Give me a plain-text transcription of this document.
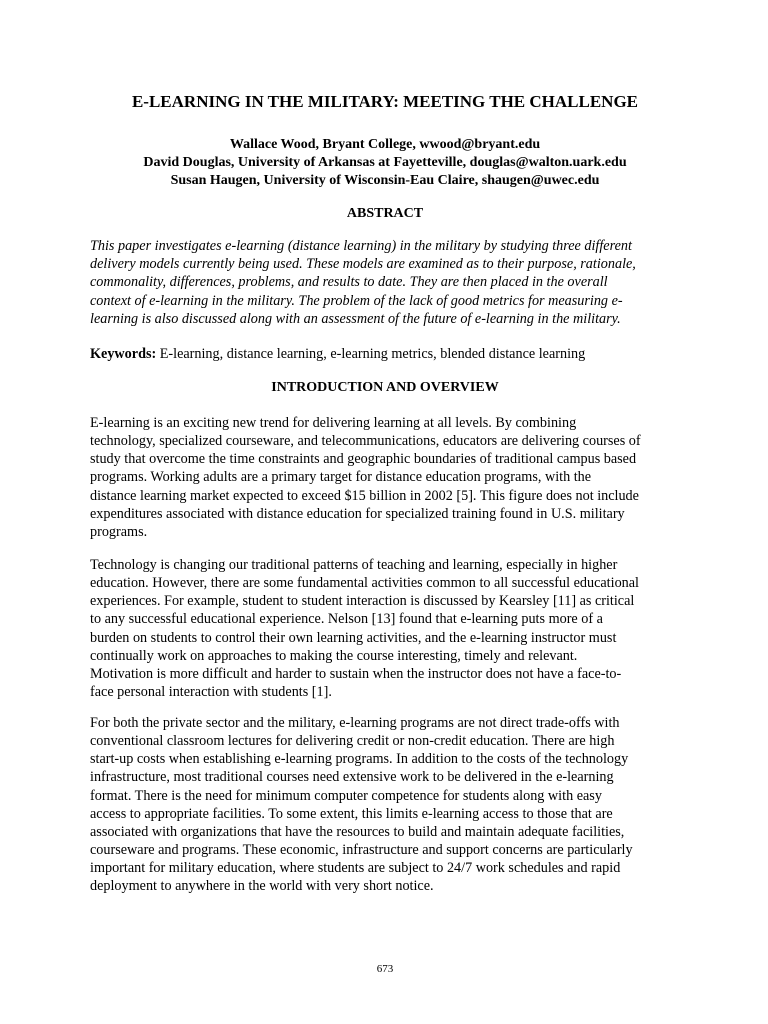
E-LEARNING IN THE MILITARY: MEETING THE CHALLENGE
Wallace Wood, Bryant College, wwood@bryant.edu
David Douglas, University of Arkansas at Fayetteville, douglas@walton.uark.edu
Susan Haugen, University of Wisconsin-Eau Claire, shaugen@uwec.edu
ABSTRACT

This paper investigates e-learning (distance learning) in the military by studying three different
delivery models currently being used. These models are examined as to their purpose, rationale,
commonality, differences, problems, and results to date. They are then placed in the overall
context of e-learning in the military. The problem of the lack of good metrics for measuring e-
learning is also discussed along with an assessment of the future of e-learning in the military.

Keywords: E-learning, distance learning, e-learning metrics, blended distance learning

INTRODUCTION AND OVERVIEW

E-learning is an exciting new trend for delivering learning at all levels. By combining
technology, specialized courseware, and telecommunications, educators are delivering courses of
study that overcome the time constraints and geographic boundaries of traditional campus based
programs. Working adults are a primary target for distance education programs, with the
distance learning market expected to exceed $15 billion in 2002 [5]. This figure does not include
expenditures associated with distance education for specialized training found in U.S. military
programs.

Technology is changing our traditional patterns of teaching and learning, especially in higher
education. However, there are some fundamental activities common to all successful educational
experiences. For example, student to student interaction is discussed by Kearsley [11] as critical
to any successful educational experience. Nelson [13] found that e-learning puts more of a
burden on students to control their own learning activities, and the e-learning instructor must
continually work on approaches to making the course interesting, timely and relevant.
Motivation is more difficult and harder to sustain when the instructor does not have a face-to-
face personal interaction with students [1].

For both the private sector and the military, e-learning programs are not direct trade-offs with
conventional classroom lectures for delivering credit or non-credit education. There are high
start-up costs when establishing e-learning programs. In addition to the costs of the technology
infrastructure, most traditional courses need extensive work to be delivered in the e-learning
format. There is the need for minimum computer competence for students along with easy
access to appropriate facilities. To some extent, this limits e-learning access to those that are
associated with organizations that have the resources to build and maintain adequate facilities,
courseware and programs. These economic, infrastructure and support concerns are particularly
important for military education, where students are subject to 24/7 work schedules and rapid
deployment to anywhere in the world with very short notice.

673
